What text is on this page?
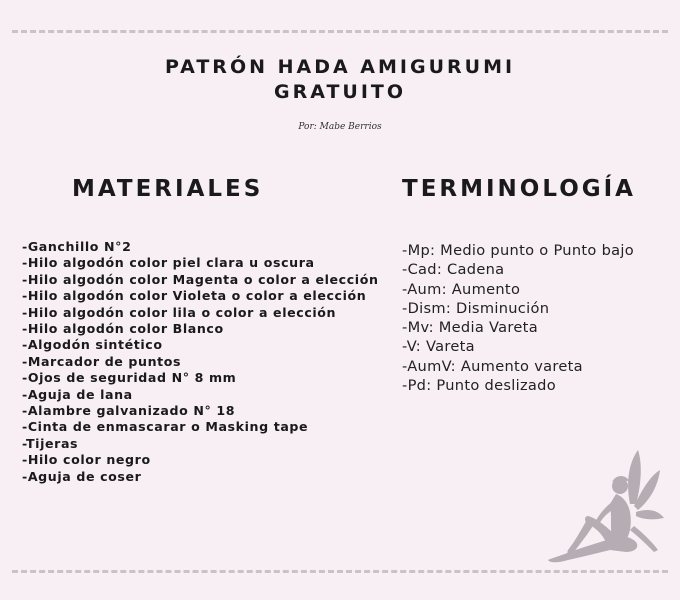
PATRÓN HADA AMIGURUMI
GRATUITO
Por: Mabe Berrios
MATERIALES	TERMINOLOGÍA
-Ganchillo N°2
-Hilo algodón color piel clara u oscura
-Hilo algodón color Magenta o color a elección
-Hilo algodón color Violeta o color a elección
-Hilo algodón color lila o color a elección
-Hilo algodón color Blanco
-Algodón sintético
-Marcador de puntos
-Ojos de seguridad N° 8 mm
-Aguja de lana
-Alambre galvanizado N° 18
-Cinta de enmascarar o Masking tape
-Tijeras
-Hilo color negro
-Aguja de coser
-Mp: Medio punto o Punto bajo
-Cad: Cadena
-Aum: Aumento
-Dism: Disminución
-Mv: Media Vareta
-V: Vareta
-AumV: Aumento vareta
-Pd: Punto deslizado
